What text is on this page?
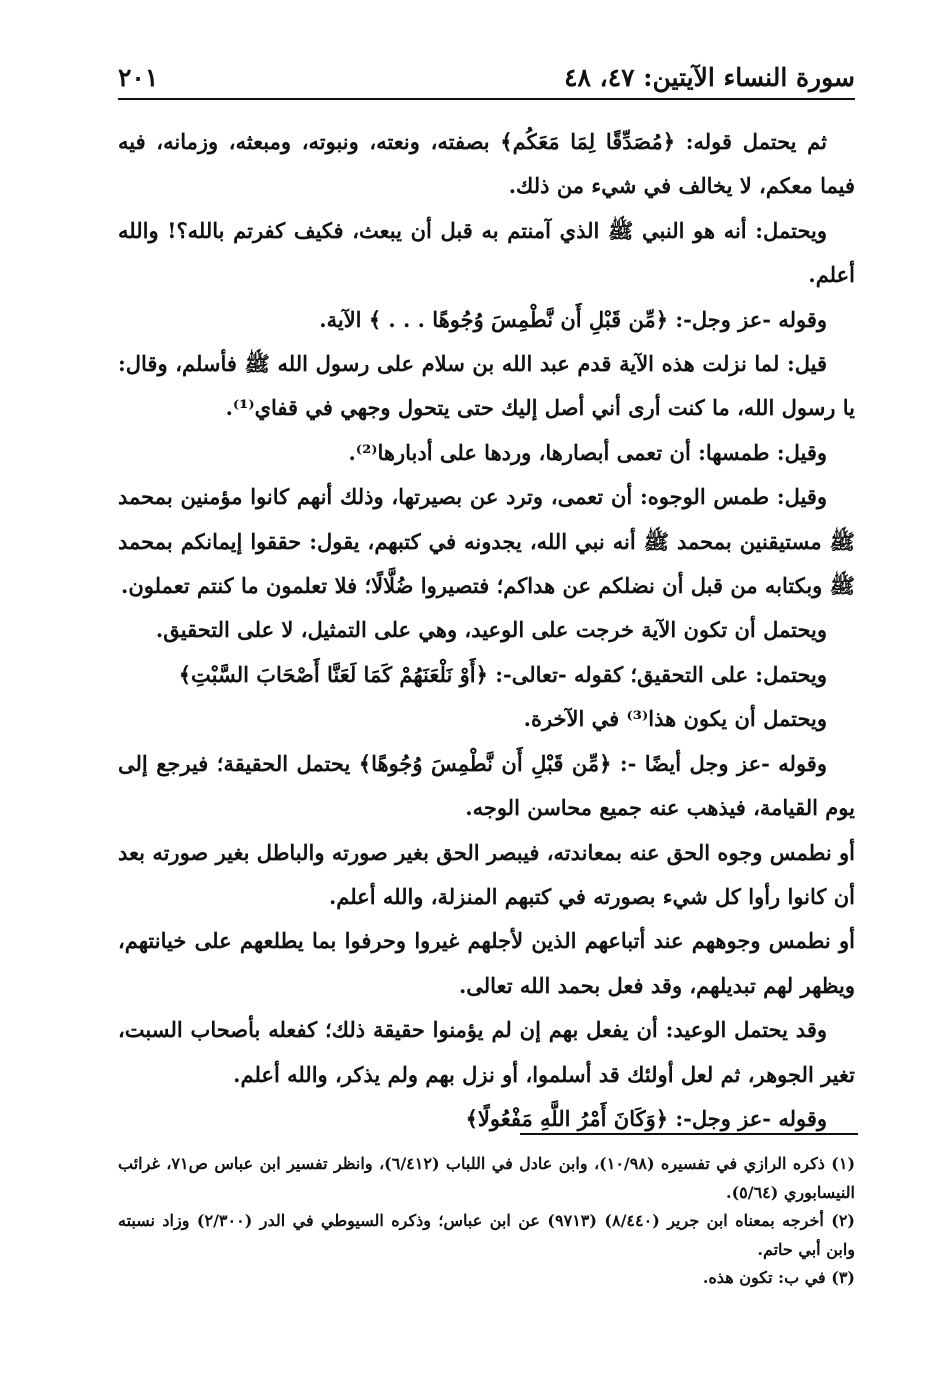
سورة النساء الآيتين: ٤٧، ٤٨
٢٠١

ثم يحتمل قوله: ﴿مُصَدِّقًا لِمَا مَعَكُم﴾ بصفته، ونعته، ونبوته، ومبعثه، وزمانه، فيه فيما معكم، لا يخالف في شيء من ذلك.

ويحتمل: أنه هو النبي ﷺ الذي آمنتم به قبل أن يبعث، فكيف كفرتم بالله؟! والله أعلم.

وقوله -عز وجل-: ﴿مِّن قَبْلِ أَن نَّطْمِسَ وُجُوهًا . . . ﴾ الآية.

قيل: لما نزلت هذه الآية قدم عبد الله بن سلام على رسول الله ﷺ فأسلم، وقال: يا رسول الله، ما كنت أرى أني أصل إليك حتى يتحول وجهي في قفاي⁽¹⁾.

وقيل: طمسها: أن تعمى أبصارها، وردها على أدبارها⁽²⁾.

وقيل: طمس الوجوه: أن تعمى، وترد عن بصيرتها، وذلك أنهم كانوا مؤمنين بمحمد ﷺ مستيقنين بمحمد ﷺ أنه نبي الله، يجدونه في كتبهم، يقول: حققوا إيمانكم بمحمد ﷺ وبكتابه من قبل أن نضلكم عن هداكم؛ فتصيروا ضُلَّالًا؛ فلا تعلمون ما كنتم تعملون.

ويحتمل أن تكون الآية خرجت على الوعيد، وهي على التمثيل، لا على التحقيق.

ويحتمل: على التحقيق؛ كقوله -تعالى-: ﴿أَوْ نَلْعَنَهُمْ كَمَا لَعَنَّا أَصْحَابَ السَّبْتِ﴾

ويحتمل أن يكون هذا⁽³⁾ في الآخرة.

وقوله -عز وجل أيضًا -: ﴿مِّن قَبْلِ أَن نَّطْمِسَ وُجُوهًا﴾ يحتمل الحقيقة؛ فيرجع إلى يوم القيامة، فيذهب عنه جميع محاسن الوجه.

أو نطمس وجوه الحق عنه بمعاندته، فيبصر الحق بغير صورته والباطل بغير صورته بعد أن كانوا رأوا كل شيء بصورته في كتبهم المنزلة، والله أعلم.

أو نطمس وجوههم عند أتباعهم الذين لأجلهم غيروا وحرفوا بما يطلعهم على خيانتهم، ويظهر لهم تبديلهم، وقد فعل بحمد الله تعالى.

وقد يحتمل الوعيد: أن يفعل بهم إن لم يؤمنوا حقيقة ذلك؛ كفعله بأصحاب السبت، تغير الجوهر، ثم لعل أولئك قد أسلموا، أو نزل بهم ولم يذكر، والله أعلم.

وقوله -عز وجل-: ﴿وَكَانَ أَمْرُ اللَّهِ مَفْعُولًا﴾

(١) ذكره الرازي في تفسيره (١٠/٩٨)، وابن عادل في اللباب (٦/٤١٢)، وانظر تفسير ابن عباس ص٧١، غرائب النيسابوري (٥/٦٤).

(٢) أخرجه بمعناه ابن جرير (٨/٤٤٠) (٩٧١٣) عن ابن عباس؛ وذكره السيوطي في الدر (٢/٣٠٠) وزاد نسبته وابن أبي حاتم.

(٣) في ب: تكون هذه.
